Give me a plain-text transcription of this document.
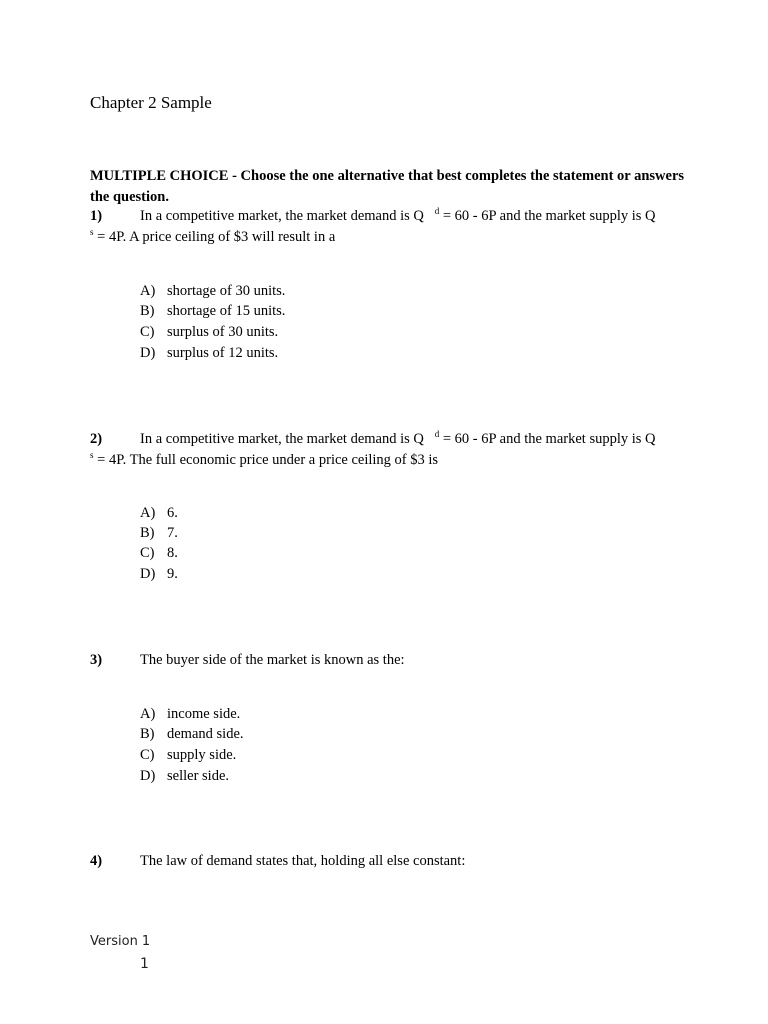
Chapter 2 Sample
MULTIPLE CHOICE - Choose the one alternative that best completes the statement or answers the question.
1)	In a competitive market, the market demand is Q $^d$ = 60 - 6P and the market supply is Q
$^s$ = 4P. A price ceiling of $3 will result in a
A) shortage of 30 units.
B) shortage of 15 units.
C) surplus of 30 units.
D) surplus of 12 units.
2)	In a competitive market, the market demand is Q $^d$ = 60 - 6P and the market supply is Q
$^s$ = 4P. The full economic price under a price ceiling of $3 is
A) 6.
B) 7.
C) 8.
D) 9.
3)	The buyer side of the market is known as the:
A) income side.
B) demand side.
C) supply side.
D) seller side.
4)	The law of demand states that, holding all else constant:
Version 1
1
